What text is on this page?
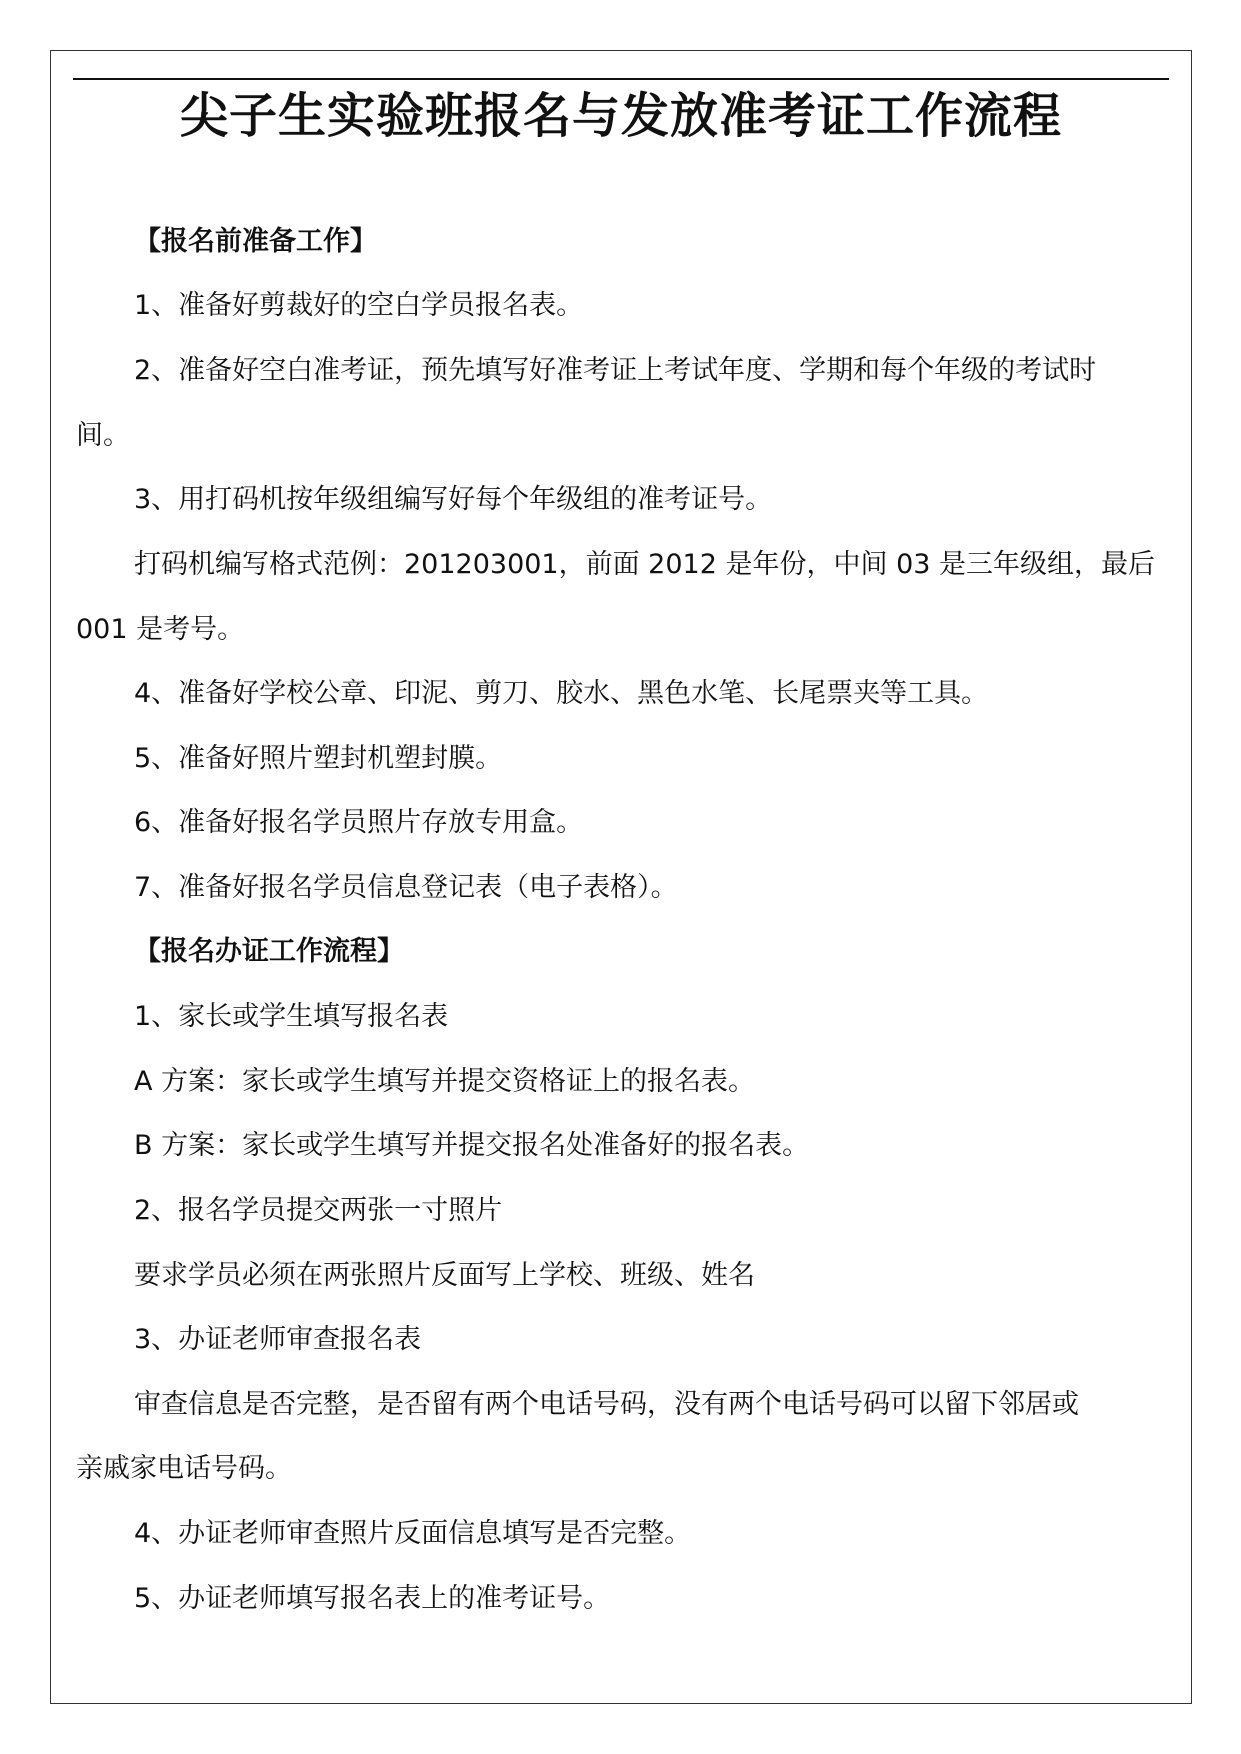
尖子生实验班报名与发放准考证工作流程
【报名前准备工作】
1、准备好剪裁好的空白学员报名表。
2、准备好空白准考证，预先填写好准考证上考试年度、学期和每个年级的考试时
间。
3、用打码机按年级组编写好每个年级组的准考证号。
打码机编写格式范例：201203001，前面 2012 是年份，中间 03 是三年级组，最后
001 是考号。
4、准备好学校公章、印泥、剪刀、胶水、黑色水笔、长尾票夹等工具。
5、准备好照片塑封机塑封膜。
6、准备好报名学员照片存放专用盒。
7、准备好报名学员信息登记表（电子表格）。
【报名办证工作流程】
1、家长或学生填写报名表
A 方案：家长或学生填写并提交资格证上的报名表。
B 方案：家长或学生填写并提交报名处准备好的报名表。
2、报名学员提交两张一寸照片
要求学员必须在两张照片反面写上学校、班级、姓名
3、办证老师审查报名表
审查信息是否完整，是否留有两个电话号码，没有两个电话号码可以留下邻居或
亲戚家电话号码。
4、办证老师审查照片反面信息填写是否完整。
5、办证老师填写报名表上的准考证号。
